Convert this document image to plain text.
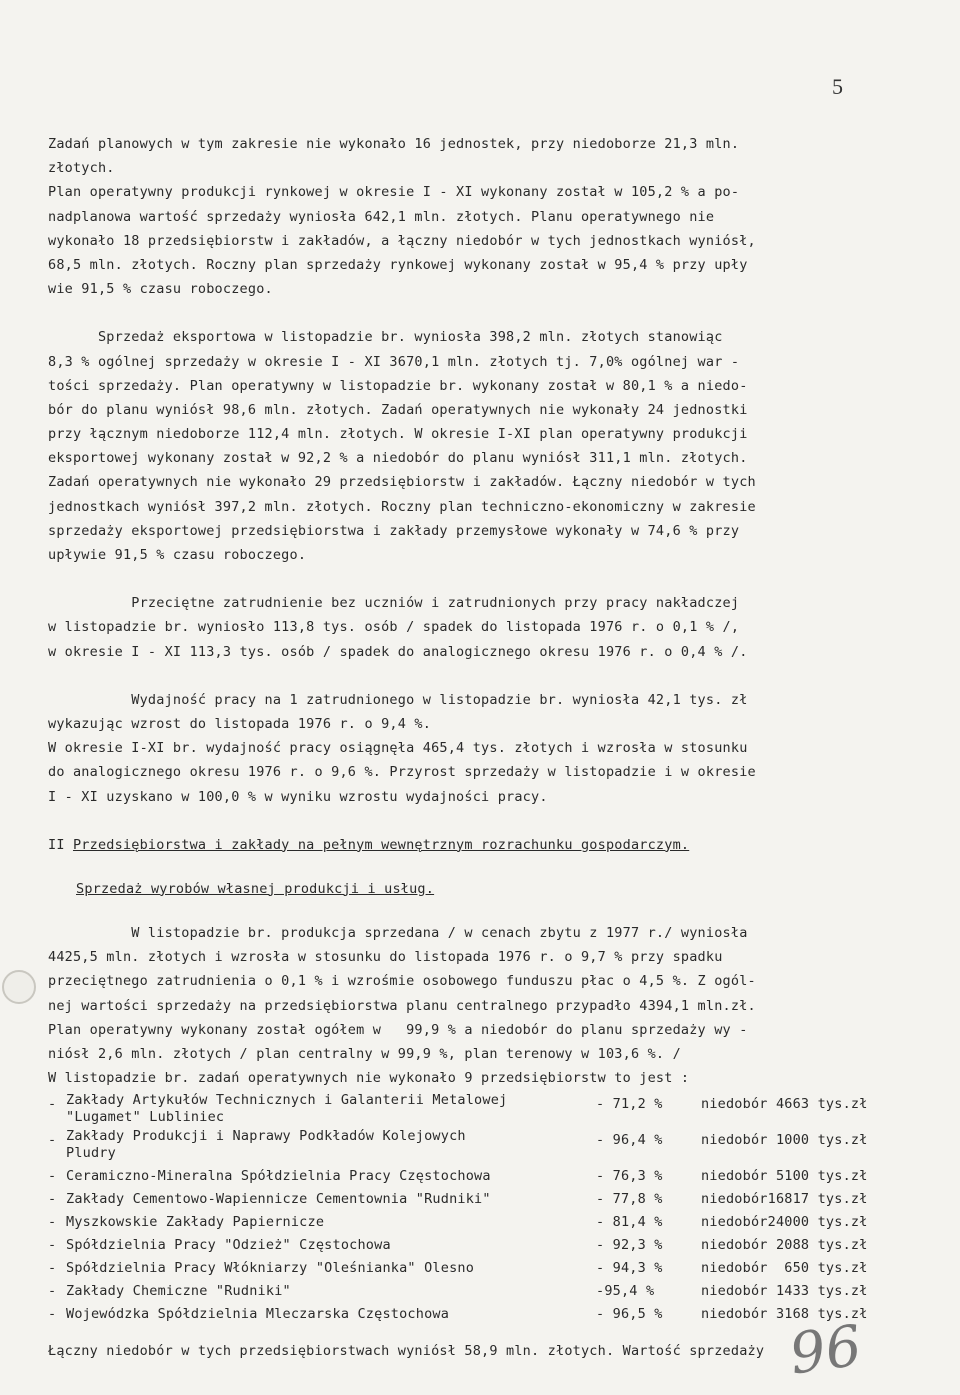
5
Zadań planowych w tym zakresie nie wykonało 16 jednostek, przy niedoborze 21,3 mln.
złotych.
Plan operatywny produkcji rynkowej w okresie I - XI wykonany został w 105,2 % a po-
nadplanowa wartość sprzedaży wyniosła 642,1 mln. złotych. Planu operatywnego nie
wykonało 18 przedsiębiorstw i zakładów, a łączny niedobór w tych jednostkach wyniósł,
68,5 mln. złotych. Roczny plan sprzedaży rynkowej wykonany został w 95,4 % przy upły
wie 91,5 % czasu roboczego.
Sprzedaż eksportowa w listopadzie br. wyniosła 398,2 mln. złotych stanowiąc
8,3 % ogólnej sprzedaży w okresie I - XI 3670,1 mln. złotych tj. 7,0% ogólnej war -
tości sprzedaży. Plan operatywny w listopadzie br. wykonany został w 80,1 % a niedo-
bór do planu wyniósł 98,6 mln. złotych. Zadań operatywnych nie wykonały 24 jednostki
przy łącznym niedoborze 112,4 mln. złotych. W okresie I-XI plan operatywny produkcji
eksportowej wykonany został w 92,2 % a niedobór do planu wyniósł 311,1 mln. złotych.
Zadań operatywnych nie wykonało 29 przedsiębiorstw i zakładów. Łączny niedobór w tych
jednostkach wyniósł 397,2 mln. złotych. Roczny plan techniczno-ekonomiczny w zakresie
sprzedaży eksportowej przedsiębiorstwa i zakłady przemysłowe wykonały w 74,6 % przy
upływie 91,5 % czasu roboczego.
Przeciętne zatrudnienie bez uczniów i zatrudnionych przy pracy nakładczej
w listopadzie br. wyniosło 113,8 tys. osób / spadek do listopada 1976 r. o 0,1 % /,
w okresie I - XI 113,3 tys. osób / spadek do analogicznego okresu 1976 r. o 0,4 % /.
Wydajność pracy na 1 zatrudnionego w listopadzie br. wyniosła 42,1 tys. zł
wykazując wzrost do listopada 1976 r. o 9,4 %.
W okresie I-XI br. wydajność pracy osiągnęła 465,4 tys. złotych i wzrosła w stosunku
do analogicznego okresu 1976 r. o 9,6 %. Przyrost sprzedaży w listopadzie i w okresie
I - XI uzyskano w 100,0 % w wyniku wzrostu wydajności pracy.
II Przedsiębiorstwa i zakłady na pełnym wewnętrznym rozrachunku gospodarczym.
Sprzedaż wyrobów własnej produkcji i usług.
W listopadzie br. produkcja sprzedana / w cenach zbytu z 1977 r./ wyniosła
4425,5 mln. złotych i wzrosła w stosunku do listopada 1976 r. o 9,7 % przy spadku
przeciętnego zatrudnienia o 0,1 % i wzrośmie osobowego funduszu płac o 4,5 %. Z ogól-
nej wartości sprzedaży na przedsiębiorstwa planu centralnego przypadło 4394,1 mln.zł.
Plan operatywny wykonany został ogółem w   99,9 % a niedobór do planu sprzedaży wy -
niósł 2,6 mln. złotych / plan centralny w 99,9 %, plan terenowy w 103,6 %. /
W listopadzie br. zadań operatywnych nie wykonało 9 przedsiębiorstw to jest :
- Zakłady Artykułów Technicznych i Galanterii Metalowej
"Lugamet" Lubliniec
- 71,2 %	niedobór 4663 tys.zł
- Zakłady Produkcji i Naprawy Podkładów Kolejowych
Pludry
- 96,4 %	niedobór 1000 tys.zł
- Ceramiczno-Mineralna Spółdzielnia Pracy Częstochowa	- 76,3 %	niedobór 5100 tys.zł
- Zakłady Cementowo-Wapiennicze Cementownia "Rudniki"	- 77,8 %	niedobór16817 tys.zł
- Myszkowskie Zakłady Papiernicze	- 81,4 %	niedobór24000 tys.zł
- Spółdzielnia Pracy "Odzież" Częstochowa	- 92,3 %	niedobór 2088 tys.zł
- Spółdzielnia Pracy Włókniarzy "Oleśnianka" Olesno	- 94,3 %	niedobór  650 tys.zł
- Zakłady Chemiczne "Rudniki"	-95,4 %	niedobór 1433 tys.zł
- Wojewódzka Spółdzielnia Mleczarska Częstochowa	- 96,5 %	niedobór 3168 tys.zł
Łączny niedobór w tych przedsiębiorstwach wyniósł 58,9 mln. złotych. Wartość sprzedaży 96
